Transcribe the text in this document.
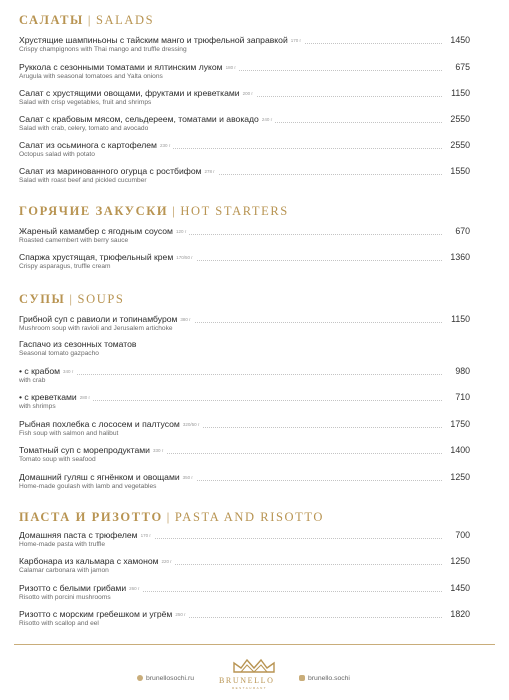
САЛАТЫ | SALADS
Хрустящие шампиньоны с тайским манго и трюфельной заправкой 170 г	1450
Crispy champignons with Thai mango and truffle dressing
Руккола с сезонными томатами и ялтинским луком 180 г	675
Arugula with seasonal tomatoes and Yalta onions
Салат с хрустящими овощами, фруктами и креветками 200 г	1150
Salad with crisp vegetables, fruit and shrimps
Салат с крабовым мясом, сельдереем, томатами и авокадо 240 г	2550
Salad with crab, celery, tomato and avocado
Салат из осьминога с картофелем 230 г	2550
Octopus salad with potato
Салат из маринованного огурца с ростбифом 278 г	1550
Salad with roast beef and pickled cucumber
ГОРЯЧИЕ ЗАКУСКИ | HOT STARTERS
Жареный камамбер с ягодным соусом 120 г	670
Roasted camembert with berry sauce
Спаржа хрустящая, трюфельный крем 170/50 г	1360
Crispy asparagus, truffle cream
СУПЫ | SOUPS
Грибной суп с равиоли и топинамбуром 380 г	1150
Mushroom soup with ravioli and Jerusalem artichoke
Гаспачо из сезонных томатов
Seasonal tomato gazpacho
• с крабом 340 г	980
with crab
• с креветками 280 г	710
with shrimps
Рыбная похлебка с лососем и палтусом 320/50 г	1750
Fish soup with salmon and halibut
Томатный суп с морепродуктами 330 г	1400
Tomato soup with seafood
Домашний гуляш с ягнёнком и овощами 350 г	1250
Home-made goulash with lamb and vegetables
ПАСТА И РИЗОТТО | PASTA AND RISOTTO
Домашняя паста с трюфелем 170 г	700
Home-made pasta with truffle
Карбонара из кальмара с хамоном 220 г	1250
Calamar carbonara with jamon
Ризотто с белыми грибами 260 г	1450
Risotto with porcini mushrooms
Ризотто с морским гребешком и угрём 250 г	1820
Risotto with scallop and eel
brunellosochi.ru	BRUNELLO
RESTAURANT
brunello.sochi
